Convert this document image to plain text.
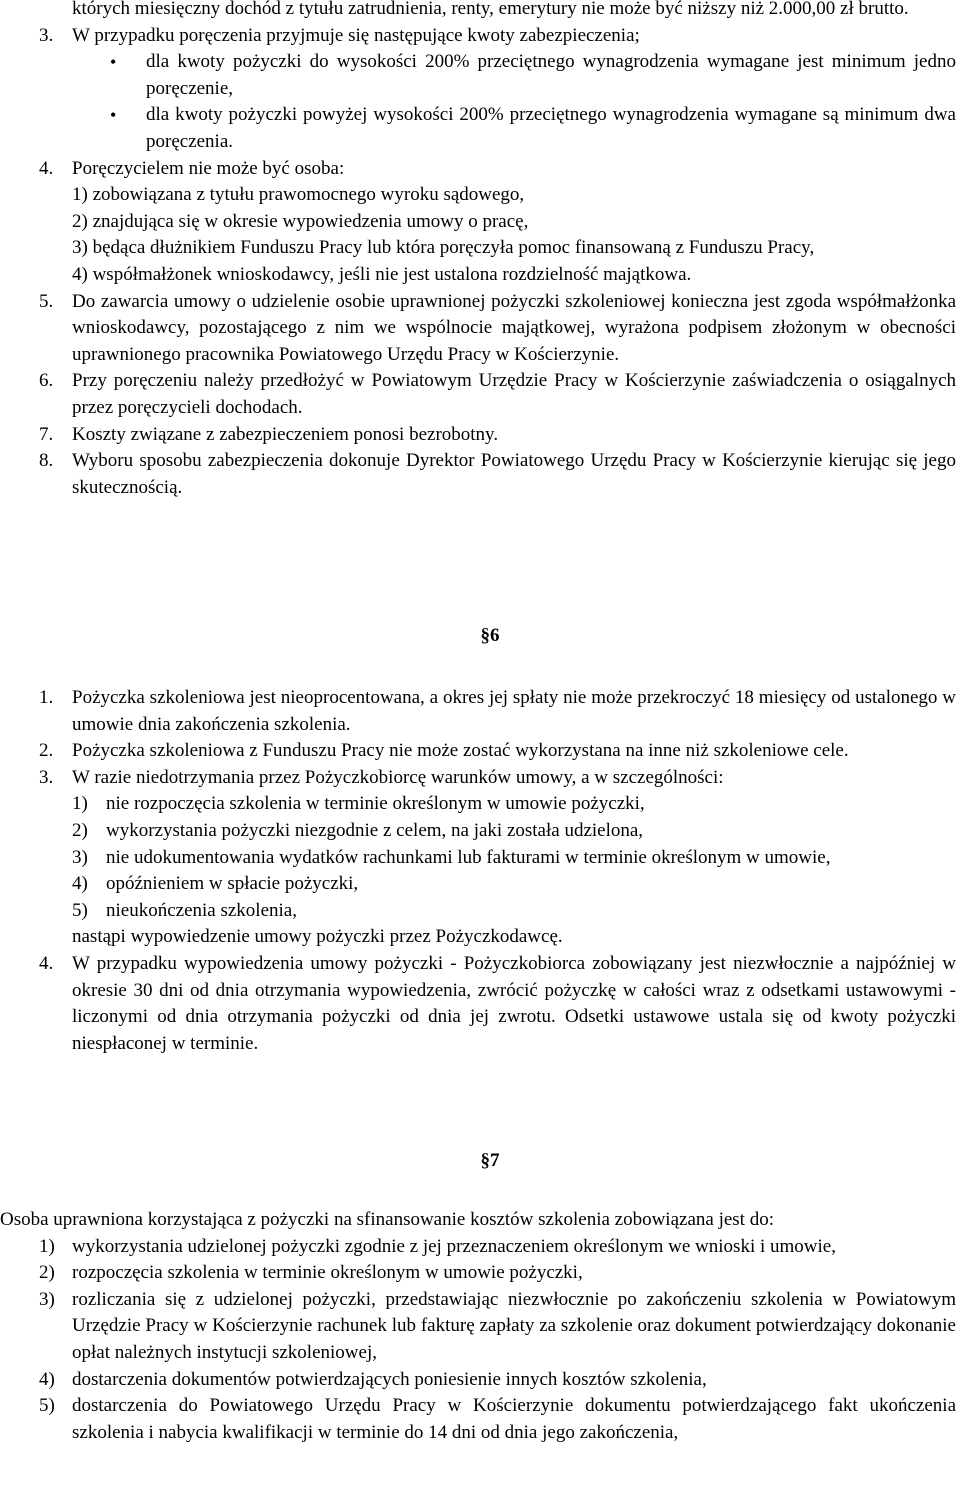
których miesięczny dochód z tytułu zatrudnienia, renty, emerytury nie może być niższy niż 2.000,00 zł brutto.
3. W przypadku poręczenia przyjmuje się następujące kwoty zabezpieczenia;
• dla kwoty pożyczki do wysokości 200% przeciętnego wynagrodzenia wymagane jest minimum jedno poręczenie,
• dla kwoty pożyczki powyżej wysokości 200% przeciętnego wynagrodzenia wymagane są minimum dwa poręczenia.
4. Poręczycielem nie może być osoba:
1) zobowiązana z tytułu prawomocnego wyroku sądowego,
2) znajdująca się w okresie wypowiedzenia umowy o pracę,
3) będąca dłużnikiem Funduszu Pracy lub która poręczyła pomoc finansowaną z Funduszu Pracy,
4) współmałżonek wnioskodawcy, jeśli nie jest ustalona rozdzielność majątkowa.
5. Do zawarcia umowy o udzielenie osobie uprawnionej pożyczki szkoleniowej konieczna jest zgoda współmałżonka wnioskodawcy, pozostającego z nim we wspólnocie majątkowej, wyrażona podpisem złożonym w obecności uprawnionego pracownika Powiatowego Urzędu Pracy w Kościerzynie.
6. Przy poręczeniu należy przedłożyć w Powiatowym Urzędzie Pracy w Kościerzynie zaświadczenia o osiągalnych przez poręczycieli dochodach.
7. Koszty związane z zabezpieczeniem ponosi bezrobotny.
8. Wyboru sposobu zabezpieczenia dokonuje Dyrektor Powiatowego Urzędu Pracy w Kościerzynie kierując się jego skutecznością.
§6
1. Pożyczka szkoleniowa jest nieoprocentowana, a okres jej spłaty nie może przekroczyć 18 miesięcy od ustalonego w umowie dnia zakończenia szkolenia.
2. Pożyczka szkoleniowa z Funduszu Pracy nie może zostać wykorzystana na inne niż szkoleniowe cele.
3. W razie niedotrzymania przez Pożyczkobiorcę warunków umowy, a w szczególności:
1) nie rozpoczęcia szkolenia w terminie określonym w umowie pożyczki,
2) wykorzystania pożyczki niezgodnie z celem, na jaki została udzielona,
3) nie udokumentowania wydatków rachunkami lub fakturami w terminie określonym w umowie,
4) opóźnieniem w spłacie pożyczki,
5) nieukończenia szkolenia,
nastąpi wypowiedzenie umowy pożyczki przez Pożyczkodawcę.
4. W przypadku wypowiedzenia umowy pożyczki - Pożyczkobiorca zobowiązany jest niezwłocznie a najpóźniej w okresie 30 dni od dnia otrzymania wypowiedzenia, zwrócić pożyczkę w całości wraz z odsetkami ustawowymi - liczonymi od dnia otrzymania pożyczki od dnia jej zwrotu. Odsetki ustawowe ustala się od kwoty pożyczki niespłaconej w terminie.
§7
Osoba uprawniona korzystająca z pożyczki na sfinansowanie kosztów szkolenia zobowiązana jest do:
1) wykorzystania udzielonej pożyczki zgodnie z jej przeznaczeniem określonym we wnioski i umowie,
2) rozpoczęcia szkolenia w terminie określonym w umowie pożyczki,
3) rozliczania się z udzielonej pożyczki, przedstawiając niezwłocznie po zakończeniu szkolenia w Powiatowym Urzędzie Pracy w Kościerzynie rachunek lub fakturę zapłaty za szkolenie oraz dokument potwierdzający dokonanie opłat należnych instytucji szkoleniowej,
4) dostarczenia dokumentów potwierdzających poniesienie innych kosztów szkolenia,
5) dostarczenia do Powiatowego Urzędu Pracy w Kościerzynie dokumentu potwierdzającego fakt ukończenia szkolenia i nabycia kwalifikacji w terminie do 14 dni od dnia jego zakończenia,
